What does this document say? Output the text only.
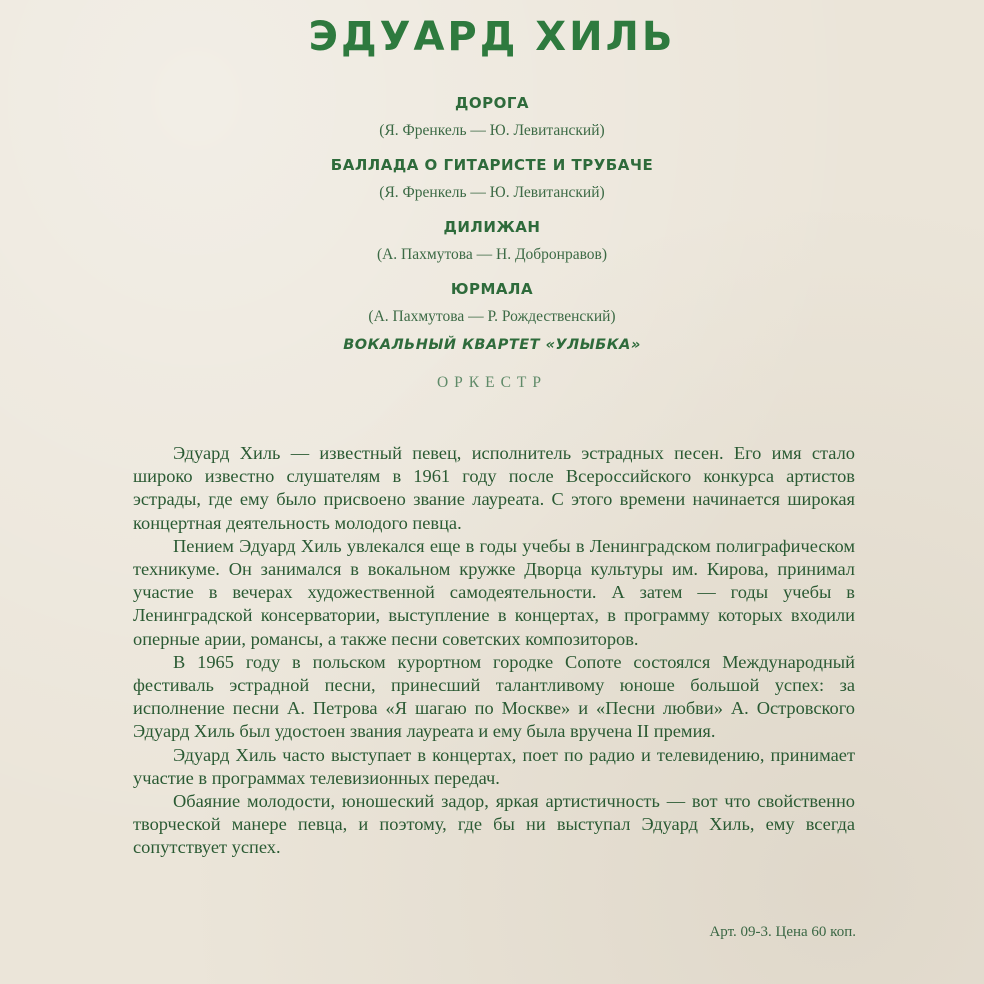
ЭДУАРД ХИЛЬ
ДОРОГА
(Я. Френкель — Ю. Левитанский)
БАЛЛАДА О ГИТАРИСТЕ И ТРУБАЧЕ
(Я. Френкель — Ю. Левитанский)
ДИЛИЖАН
(А. Пахмутова — Н. Добронравов)
ЮРМАЛА
(А. Пахмутова — Р. Рождественский)
ВОКАЛЬНЫЙ КВАРТЕТ «УЛЫБКА»
ОРКЕСТР

Эдуард Хиль — известный певец, исполнитель эстрадных песен. Его имя стало широко известно слушателям в 1961 году после Всероссийского конкурса артистов эстрады, где ему было присвоено звание лауреата. С этого времени начинается широкая концертная деятельность молодого певца.

Пением Эдуард Хиль увлекался еще в годы учебы в Ленинградском полиграфическом техникуме. Он занимался в вокальном кружке Дворца культуры им. Кирова, принимал участие в вечерах художественной самодеятельности. А затем — годы учебы в Ленинградской консерватории, выступление в концертах, в программу которых входили оперные арии, романсы, а также песни советских композиторов.

В 1965 году в польском курортном городке Сопоте состоялся Международный фестиваль эстрадной песни, принесший талантливому юноше большой успех: за исполнение песни А. Петрова «Я шагаю по Москве» и «Песни любви» А. Островского Эдуард Хиль был удостоен звания лауреата и ему была вручена II премия.

Эдуард Хиль часто выступает в концертах, поет по радио и телевидению, принимает участие в программах телевизионных передач.

Обаяние молодости, юношеский задор, яркая артистичность — вот что свойственно творческой манере певца, и поэтому, где бы ни выступал Эдуард Хиль, ему всегда сопутствует успех.

Арт. 09-3. Цена 60 коп.
